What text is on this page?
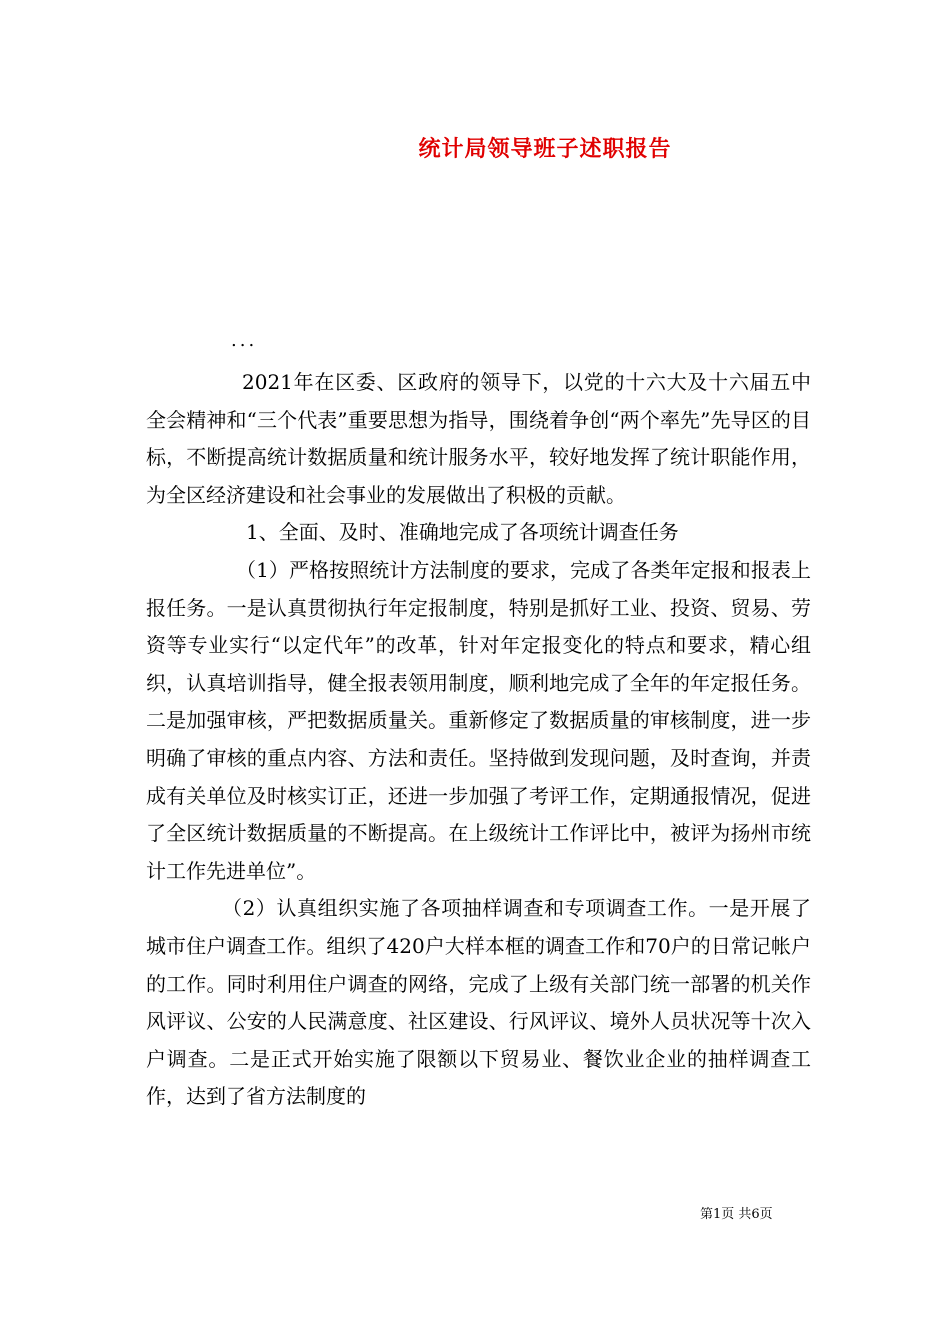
统计局领导班子述职报告
...

2021年在区委、区政府的领导下，以党的十六大及十六届五中全会精神和“三个代表”重要思想为指导，围绕着争创“两个率先”先导区的目标，不断提高统计数据质量和统计服务水平，较好地发挥了统计职能作用，为全区经济建设和社会事业的发展做出了积极的贡献。

1、全面、及时、准确地完成了各项统计调查任务

（1）严格按照统计方法制度的要求，完成了各类年定报和报表上报任务。一是认真贯彻执行年定报制度，特别是抓好工业、投资、贸易、劳资等专业实行“以定代年”的改革，针对年定报变化的特点和要求，精心组织，认真培训指导，健全报表领用制度，顺利地完成了全年的年定报任务。二是加强审核，严把数据质量关。重新修定了数据质量的审核制度，进一步明确了审核的重点内容、方法和责任。坚持做到发现问题，及时查询，并责成有关单位及时核实订正，还进一步加强了考评工作，定期通报情况，促进了全区统计数据质量的不断提高。在上级统计工作评比中，被评为扬州市统计工作先进单位”。

（2）认真组织实施了各项抽样调查和专项调查工作。一是开展了城市住户调查工作。组织了420户大样本框的调查工作和70户的日常记帐户的工作。同时利用住户调查的网络，完成了上级有关部门统一部署的机关作风评议、公安的人民满意度、社区建设、行风评议、境外人员状况等十次入户调查。二是正式开始实施了限额以下贸易业、餐饮业企业的抽样调查工作，达到了省方法制度的

第1页 共6页
